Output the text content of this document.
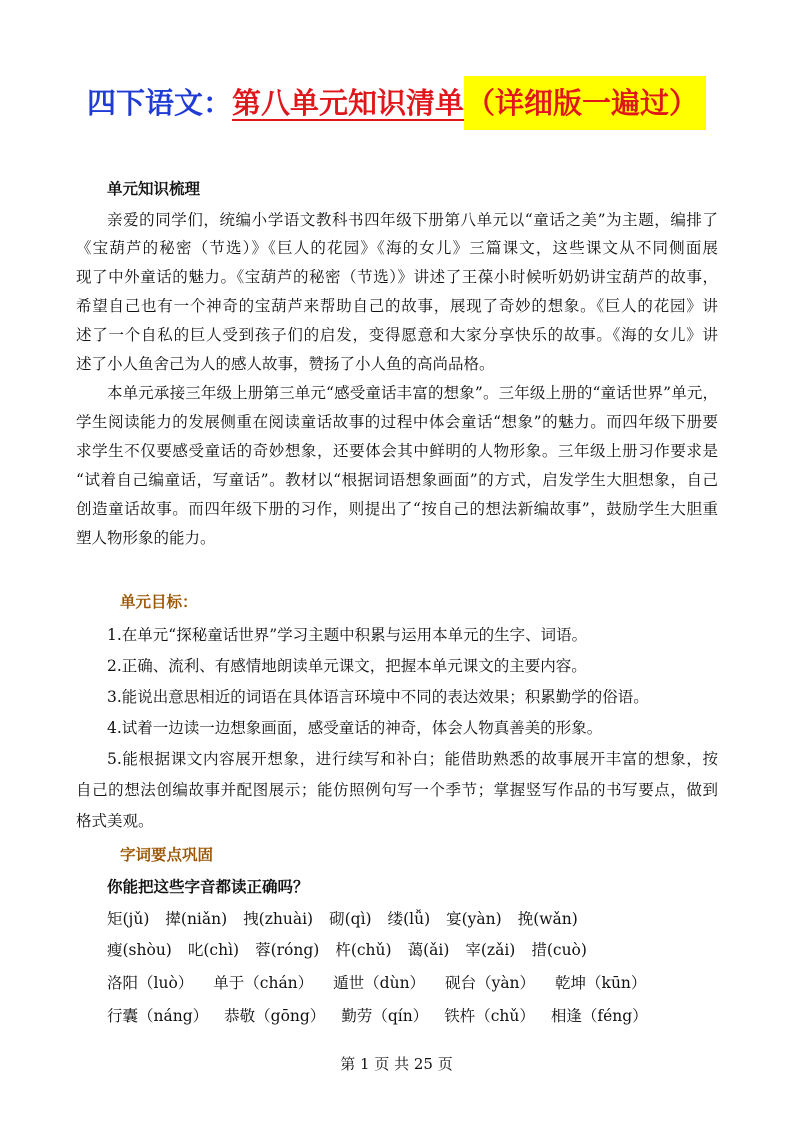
四下语文： 第八单元知识清单 （详细版一遍过）
单元知识梳理
亲爱的同学们，统编小学语文教科书四年级下册第八单元以“童话之美”为主题，编排了
《宝葫芦的秘密（节选）》《巨人的花园》《海的女儿》三篇课文，这些课文从不同侧面展
现了中外童话的魅力。《宝葫芦的秘密（节选）》讲述了王葆小时候听奶奶讲宝葫芦的故事，
希望自己也有一个神奇的宝葫芦来帮助自己的故事，展现了奇妙的想象。《巨人的花园》讲
述了一个自私的巨人受到孩子们的启发，变得愿意和大家分享快乐的故事。《海的女儿》讲
述了小人鱼舍己为人的感人故事，赞扬了小人鱼的高尚品格。
本单元承接三年级上册第三单元“感受童话丰富的想象”。三年级上册的“童话世界”单元，
学生阅读能力的发展侧重在阅读童话故事的过程中体会童话“想象”的魅力。而四年级下册要
求学生不仅要感受童话的奇妙想象，还要体会其中鲜明的人物形象。三年级上册习作要求是
“试着自己编童话，写童话”。教材以“根据词语想象画面”的方式，启发学生大胆想象，自己
创造童话故事。而四年级下册的习作，则提出了“按自己的想法新编故事”，鼓励学生大胆重
塑人物形象的能力。
单元目标：
1.在单元“探秘童话世界”学习主题中积累与运用本单元的生字、词语。
2.正确、流利、有感情地朗读单元课文，把握本单元课文的主要内容。
3.能说出意思相近的词语在具体语言环境中不同的表达效果；积累勤学的俗语。
4.试着一边读一边想象画面，感受童话的神奇，体会人物真善美的形象。
5.能根据课文内容展开想象，进行续写和补白；能借助熟悉的故事展开丰富的想象，按
自己的想法创编故事并配图展示；能仿照例句写一个季节；掌握竖写作品的书写要点，做到
格式美观。
字词要点巩固
你能把这些字音都读正确吗？
矩(jǔ) 撵(niǎn) 拽(zhuài) 砌(qì) 缕(lǚ) 宴(yàn) 挽(wǎn)
瘦(shòu) 叱(chì) 蓉(róng) 杵(chǔ) 蔼(ǎi) 宰(zǎi) 措(cuò)
洛阳（luò） 单于（chán） 遁世（dùn） 砚台（yàn） 乾坤（kūn）
行囊（náng） 恭敬（gōng） 勤劳（qín） 铁杵（chǔ） 相逢（féng）
第 1 页 共 25 页
